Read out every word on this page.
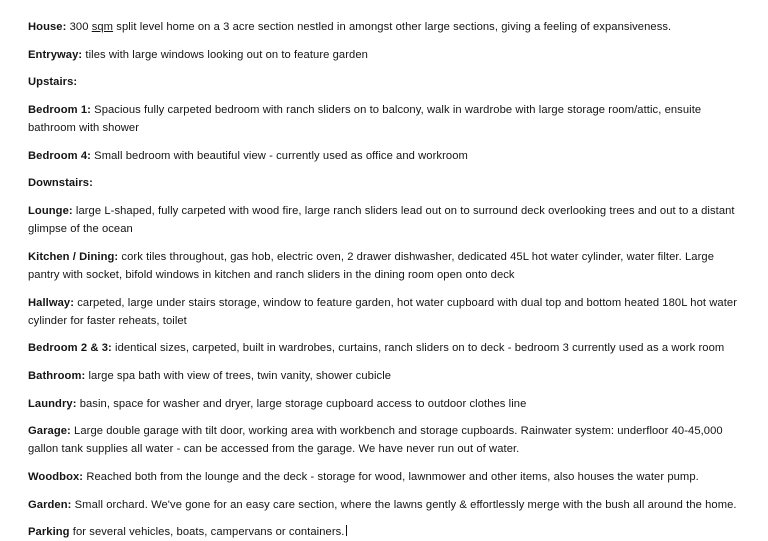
House: 300 sqm split level home on a 3 acre section nestled in amongst other large sections, giving a feeling of expansiveness.

Entryway: tiles with large windows looking out on to feature garden

Upstairs:

Bedroom 1: Spacious fully carpeted bedroom with ranch sliders on to balcony, walk in wardrobe with large storage room/attic, ensuite bathroom with shower

Bedroom 4: Small bedroom with beautiful view - currently used as office and workroom

Downstairs:

Lounge: large L-shaped, fully carpeted with wood fire, large ranch sliders lead out on to surround deck overlooking trees and out to a distant glimpse of the ocean

Kitchen / Dining: cork tiles throughout, gas hob, electric oven, 2 drawer dishwasher, dedicated 45L hot water cylinder, water filter. Large pantry with socket, bifold windows in kitchen and ranch sliders in the dining room open onto deck

Hallway: carpeted, large under stairs storage, window to feature garden, hot water cupboard with dual top and bottom heated 180L hot water cylinder for faster reheats, toilet

Bedroom 2 & 3: identical sizes, carpeted, built in wardrobes, curtains, ranch sliders on to deck - bedroom 3 currently used as a work room

Bathroom: large spa bath with view of trees, twin vanity, shower cubicle

Laundry: basin, space for washer and dryer, large storage cupboard access to outdoor clothes line

Garage: Large double garage with tilt door, working area with workbench and storage cupboards. Rainwater system: underfloor 40-45,000 gallon tank supplies all water - can be accessed from the garage. We have never run out of water.

Woodbox: Reached both from the lounge and the deck - storage for wood, lawnmower and other items, also houses the water pump.

Garden: Small orchard. We've gone for an easy care section, where the lawns gently & effortlessly merge with the bush all around the home.

Parking for several vehicles, boats, campervans or containers.
